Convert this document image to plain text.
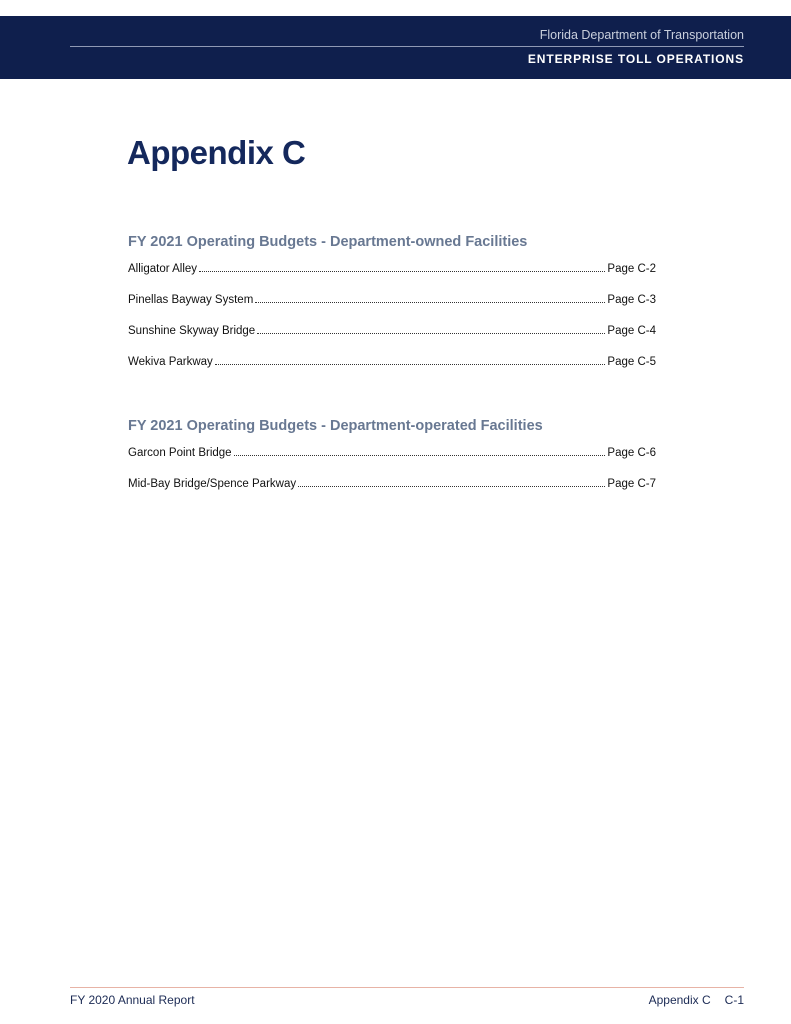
Florida Department of Transportation
ENTERPRISE TOLL OPERATIONS
Appendix C
FY 2021 Operating Budgets - Department-owned Facilities
Alligator Alley	Page C-2
Pinellas Bayway System	Page C-3
Sunshine Skyway Bridge	Page C-4
Wekiva Parkway	Page C-5
FY 2021 Operating Budgets - Department-operated Facilities
Garcon Point Bridge	Page C-6
Mid-Bay Bridge/Spence Parkway	Page C-7
FY 2020 Annual Report	Appendix C C-1
